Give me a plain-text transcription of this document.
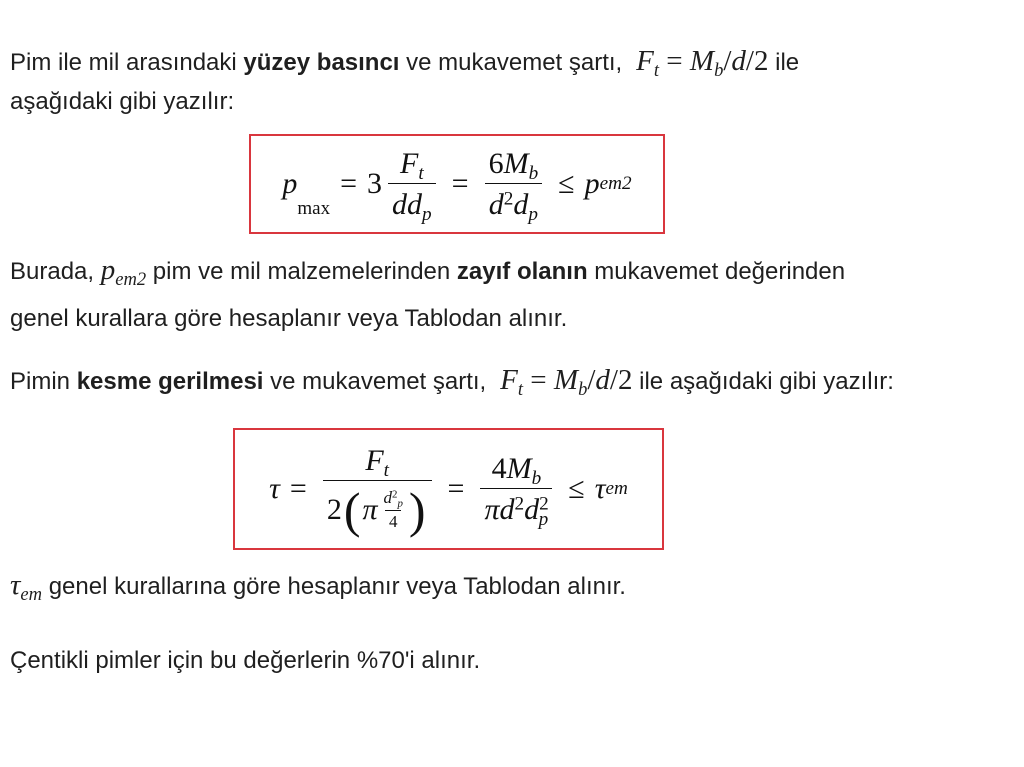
Pim ile mil arasındaki yüzey basıncı ve mukavemet şartı,  $F_t = M_b/d/2$ ile
aşağıdaki gibi yazılır:
p
max
= $3 \frac{F_t}{dd_p} = \frac{6M_b}{d^2d_p} \le p$ em2
Burada, $p_{em2}$ pim ve mil malzemelerinden zayıf olanın mukavemet değerinden
genel kurallara göre hesaplanır veya Tablodan alınır.
Pimin kesme gerilmesi ve mukavemet şartı,  $F_t = M_b/d/2$ ile aşağıdaki gibi yazılır:
$\tau = \frac{F_t}{2 ( \pi \frac{d^2_p}{4} )} = \frac{4M_b}{\pi d^2d^2_p} \le \tau$ em
$\tau_{em}$ genel kurallarına göre hesaplanır veya Tablodan alınır.
Çentikli pimler için bu değerlerin %70'i alınır.
